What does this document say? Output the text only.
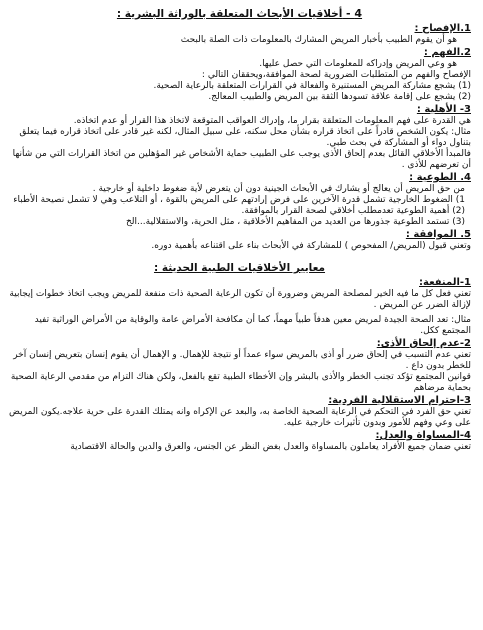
4 - أخلاقيات الأبحاث المتعلقة بالوراثة البشرية :
1.الإفصاح :

هو أن يقوم الطبيب بأخبار المريض المشارك بالمعلومات ذات الصلة بالبحث

2.الفهم :

هو وعي المريض وإدراكه للمعلومات التي حصل عليها.

الإفصاح والفهم من المتطلبات الضرورية لصحة الموافقة،ويحققان التالي :

(1) يشجع مشاركة المريض المستنيرة والفعالة في القرارات المتعلقة بالرعاية الصحية.

(2) يشجع على إقامة علاقة تسودها الثقة بين المريض والطبيب المعالج.

3- الأهلية :

هي القدرة على فهم المعلومات المتعلقة بقرار ما، وإدراك العواقب المتوقعة لاتخاذ هذا القرار أو عدم اتخاذه.

مثال: يكون الشخص قادراً على اتخاذ قراره بشأن محل سكنه، على سبيل المثال، لكنه غير قادر على اتخاذ قراره فيما يتعلق بتناول دواء أو المشاركة في بحث طبي.

فالمبدأ الأخلاقي القائل بعدم إلحاق الأذى يوجب على الطبيب حماية الأشخاص غير المؤهلين من اتخاذ القرارات التي من شأنها أن تعرضهم للأذى .

4. الطوعية :

من حق المريض أن يعالج أو يشارك في الأبحاث الجينية دون أن يتعرض لأية ضغوط داخلية أو خارجية .

1) الضغوط الخارجية تشمل قدرة الآخرين على فرض إرادتهم على المريض بالقوة ، أو التلاعب وهي لا تشمل نصيحة الأطباء

(2) أهمية الطوعية تعدمطلب أخلاقي لصحة القرار بالموافقة.

(3) تستمد الطوعية جذورها من العديد من المفاهيم الأخلاقية ، مثل الحرية، والاستقلالية...الخ

5. الموافقة :

وتعني قبول (المريض/ المفحوص ) للمشاركة في الأبحاث بناء على اقتناعه بأهمية دوره.

معايير الأخلاقيات الطبية الحديثة :
1-المنفعة:

تعني فعل كل ما فيه الخير لمصلحة المريض وضرورة أن تكون الرعاية الصحية ذات منفعة للمريض ويجب اتخاذ خطوات إيجابية لإزالة الضرر عن المريض .

مثال: تعد الصحة الجيدة لمريض معين هدفاً طبياً مهماً، كما أن مكافحة الأمراض عامة والوقاية من الأمراض الوراثية تفيد المجتمع ككل.

2-عدم إلحاق الأذى:

تعني عدم التسبب في إلحاق ضرر أو أذى بالمريض سواء عمداً أو نتيجة للإهمال. و الإهمال أن يقوم إنسان بتعريض إنسان آخر للخطر بدون داع .

قوانين المجتمع تؤكد تجنب الخطر والأذى بالبشر وإن الأخطاء الطبية تقع بالفعل، ولكن هناك التزام من مقدمي الرعاية الصحية بحماية مرضاهم

3-احترام الاستقلالية الفردية:

تعني حق الفرد في التحكم في الرعاية الصحية الخاصة به، والبعد عن الإكراه وانه يمتلك القدرة على حرية علاجه.يكون المريض على وعي وفهم للأمور وبدون تأثيرات خارجية عليه.

4-المساواة والعدل:

تعني ضمان جميع الأفراد يعاملون بالمساواة والعدل بغض النظر عن الجنس، والعرق والدين والحالة الاقتصادية
